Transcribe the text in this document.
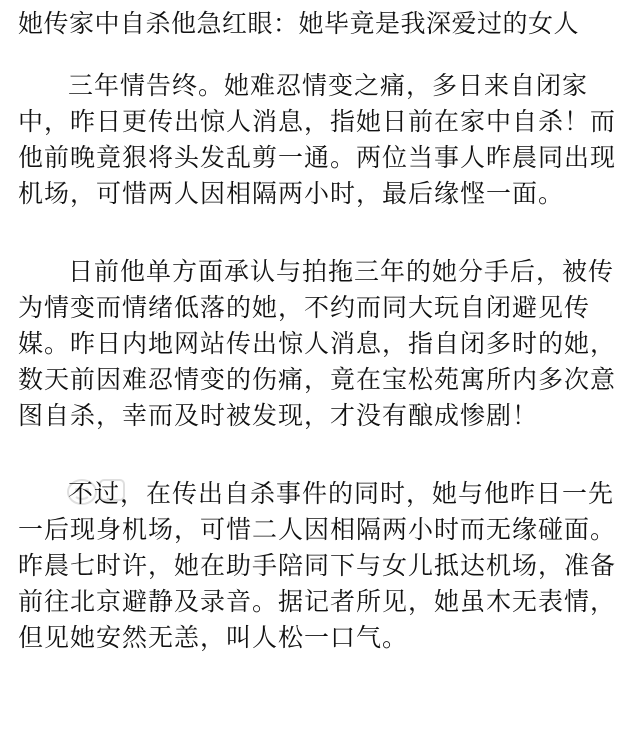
她传家中自杀他急红眼：她毕竟是我深爱过的女人

三年情告终。她难忍情变之痛，多日来自闭家中，昨日更传出惊人消息，指她日前在家中自杀！而他前晚竟狠将头发乱剪一通。两位当事人昨晨同出现机场，可惜两人因相隔两小时，最后缘悭一面。

日前他单方面承认与拍拖三年的她分手后，被传为情变而情绪低落的她，不约而同大玩自闭避见传媒。昨日内地网站传出惊人消息，指自闭多时的她，数天前因难忍情变的伤痛，竟在宝松苑寓所内多次意图自杀，幸而及时被发现，才没有酿成惨剧！

不过，在传出自杀事件的同时，她与他昨日一先一后现身机场，可惜二人因相隔两小时而无缘碰面。昨晨七时许，她在助手陪同下与女儿抵达机场，准备前往北京避静及录音。据记者所见，她虽木无表情，但见她安然无恙，叫人松一口气。
